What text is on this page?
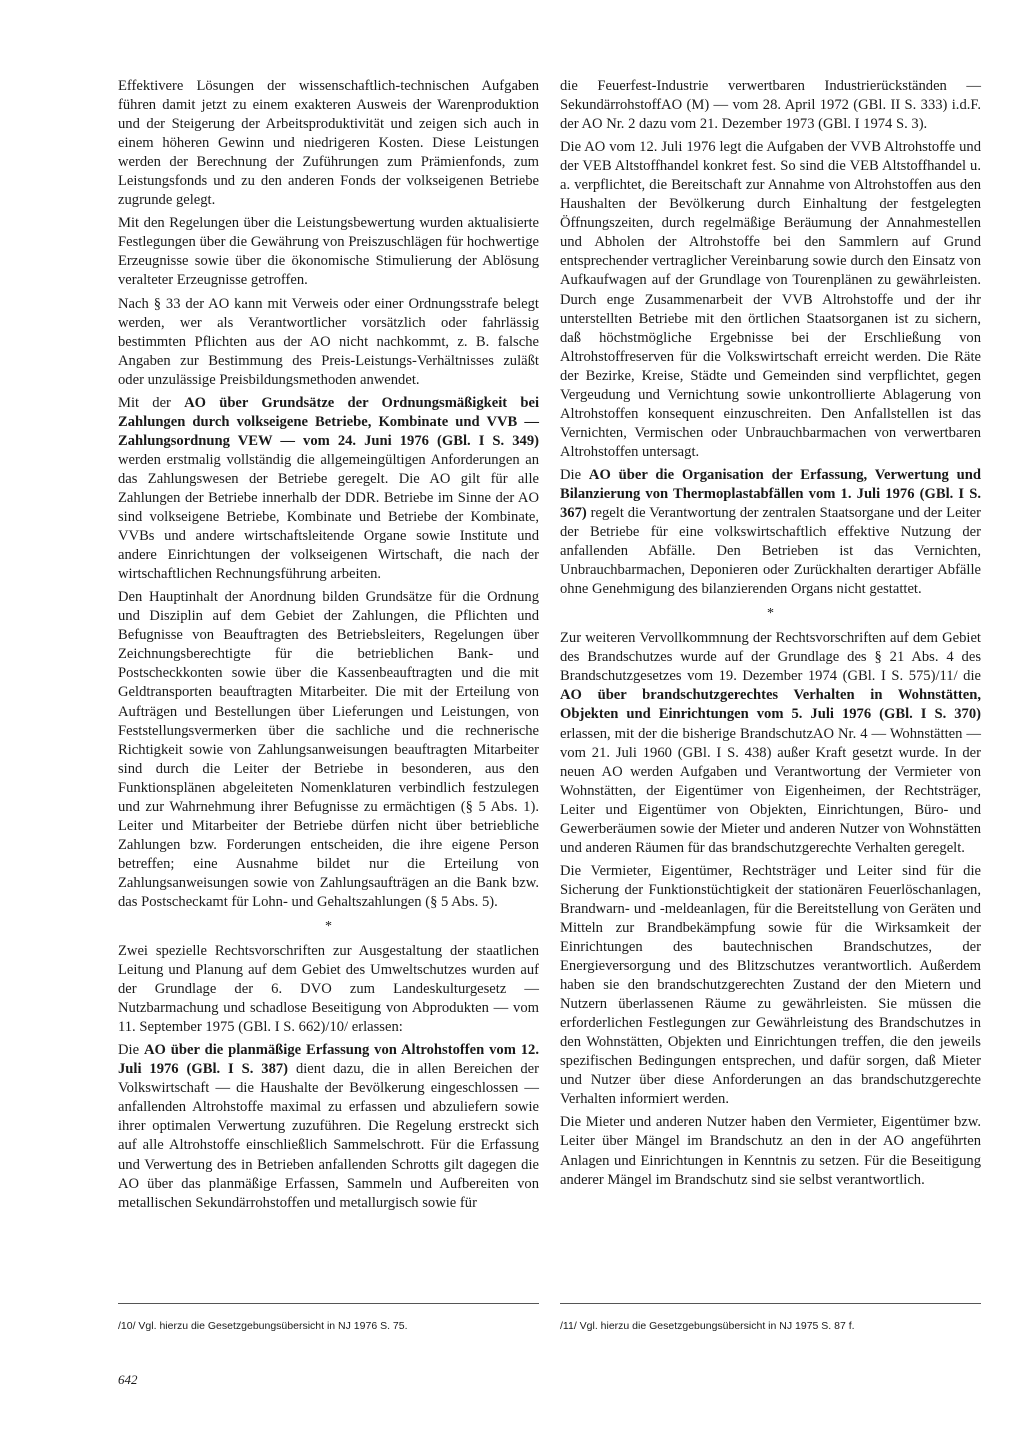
Effektivere Lösungen der wissenschaftlich-technischen Aufgaben führen damit jetzt zu einem exakteren Ausweis der Warenproduktion und der Steigerung der Arbeitsproduktivität und zeigen sich auch in einem höheren Gewinn und niedrigeren Kosten. Diese Leistungen werden der Berechnung der Zuführungen zum Prämienfonds, zum Leistungsfonds und zu den anderen Fonds der volkseigenen Betriebe zugrunde gelegt.

Mit den Regelungen über die Leistungsbewertung wurden aktualisierte Festlegungen über die Gewährung von Preiszuschlägen für hochwertige Erzeugnisse sowie über die ökonomische Stimulierung der Ablösung veralteter Erzeugnisse getroffen.

Nach § 33 der AO kann mit Verweis oder einer Ordnungsstrafe belegt werden, wer als Verantwortlicher vorsätzlich oder fahrlässig bestimmten Pflichten aus der AO nicht nachkommt, z. B. falsche Angaben zur Bestimmung des Preis-Leistungs-Verhältnisses zuläßt oder unzulässige Preisbildungsmethoden anwendet.

Mit der AO über Grundsätze der Ordnungsmäßigkeit bei Zahlungen durch volkseigene Betriebe, Kombinate und VVB — Zahlungsordnung VEW — vom 24. Juni 1976 (GBl. I S. 349) werden erstmalig vollständig die allgemeingültigen Anforderungen an das Zahlungswesen der Betriebe geregelt. Die AO gilt für alle Zahlungen der Betriebe innerhalb der DDR. Betriebe im Sinne der AO sind volkseigene Betriebe, Kombinate und Betriebe der Kombinate, VVBs und andere wirtschaftsleitende Organe sowie Institute und andere Einrichtungen der volkseigenen Wirtschaft, die nach der wirtschaftlichen Rechnungsführung arbeiten.

Den Hauptinhalt der Anordnung bilden Grundsätze für die Ordnung und Disziplin auf dem Gebiet der Zahlungen, die Pflichten und Befugnisse von Beauftragten des Betriebsleiters, Regelungen über Zeichnungsberechtigte für die betrieblichen Bank- und Postscheckkonten sowie über die Kassenbeauftragten und die mit Geldtransporten beauftragten Mitarbeiter. Die mit der Erteilung von Aufträgen und Bestellungen über Lieferungen und Leistungen, von Feststellungsvermerken über die sachliche und die rechnerische Richtigkeit sowie von Zahlungsanweisungen beauftragten Mitarbeiter sind durch die Leiter der Betriebe in besonderen, aus den Funktionsplänen abgeleiteten Nomenklaturen verbindlich festzulegen und zur Wahrnehmung ihrer Befugnisse zu ermächtigen (§ 5 Abs. 1). Leiter und Mitarbeiter der Betriebe dürfen nicht über betriebliche Zahlungen bzw. Forderungen entscheiden, die ihre eigene Person betreffen; eine Ausnahme bildet nur die Erteilung von Zahlungsanweisungen sowie von Zahlungsaufträgen an die Bank bzw. das Postscheckamt für Lohn- und Gehaltszahlungen (§ 5 Abs. 5).

*

Zwei spezielle Rechtsvorschriften zur Ausgestaltung der staatlichen Leitung und Planung auf dem Gebiet des Umweltschutzes wurden auf der Grundlage der 6. DVO zum Landeskulturgesetz — Nutzbarmachung und schadlose Beseitigung von Abprodukten — vom 11. September 1975 (GBl. I S. 662)/10/ erlassen:

Die AO über die planmäßige Erfassung von Altrohstoffen vom 12. Juli 1976 (GBl. I S. 387) dient dazu, die in allen Bereichen der Volkswirtschaft — die Haushalte der Bevölkerung eingeschlossen — anfallenden Altrohstoffe maximal zu erfassen und abzuliefern sowie ihrer optimalen Verwertung zuzuführen. Die Regelung erstreckt sich auf alle Altrohstoffe einschließlich Sammelschrott. Für die Erfassung und Verwertung des in Betrieben anfallenden Schrotts gilt dagegen die AO über das planmäßige Erfassen, Sammeln und Aufbereiten von metallischen Sekundärrohstoffen und metallurgisch sowie für

die Feuerfest-Industrie verwertbaren Industrierückständen — SekundärrohstoffAO (M) — vom 28. April 1972 (GBl. II S. 333) i.d.F. der AO Nr. 2 dazu vom 21. Dezember 1973 (GBl. I 1974 S. 3).

Die AO vom 12. Juli 1976 legt die Aufgaben der VVB Altrohstoffe und der VEB Altstoffhandel konkret fest. So sind die VEB Altstoffhandel u. a. verpflichtet, die Bereitschaft zur Annahme von Altrohstoffen aus den Haushalten der Bevölkerung durch Einhaltung der festgelegten Öffnungszeiten, durch regelmäßige Beräumung der Annahmestellen und Abholen der Altrohstoffe bei den Sammlern auf Grund entsprechender vertraglicher Vereinbarung sowie durch den Einsatz von Aufkaufwagen auf der Grundlage von Tourenplänen zu gewährleisten. Durch enge Zusammenarbeit der VVB Altrohstoffe und der ihr unterstellten Betriebe mit den örtlichen Staatsorganen ist zu sichern, daß höchstmögliche Ergebnisse bei der Erschließung von Altrohstoffreserven für die Volkswirtschaft erreicht werden. Die Räte der Bezirke, Kreise, Städte und Gemeinden sind verpflichtet, gegen Vergeudung und Vernichtung sowie unkontrollierte Ablagerung von Altrohstoffen konsequent einzuschreiten. Den Anfallstellen ist das Vernichten, Vermischen oder Unbrauchbarmachen von verwertbaren Altrohstoffen untersagt.

Die AO über die Organisation der Erfassung, Verwertung und Bilanzierung von Thermoplastabfällen vom 1. Juli 1976 (GBl. I S. 367) regelt die Verantwortung der zentralen Staatsorgane und der Leiter der Betriebe für eine volkswirtschaftlich effektive Nutzung der anfallenden Abfälle. Den Betrieben ist das Vernichten, Unbrauchbarmachen, Deponieren oder Zurückhalten derartiger Abfälle ohne Genehmigung des bilanzierenden Organs nicht gestattet.

*

Zur weiteren Vervollkommnung der Rechtsvorschriften auf dem Gebiet des Brandschutzes wurde auf der Grundlage des § 21 Abs. 4 des Brandschutzgesetzes vom 19. Dezember 1974 (GBl. I S. 575)/11/ die AO über brandschutzgerechtes Verhalten in Wohnstätten, Objekten und Einrichtungen vom 5. Juli 1976 (GBl. I S. 370) erlassen, mit der die bisherige BrandschutzAO Nr. 4 — Wohnstätten — vom 21. Juli 1960 (GBl. I S. 438) außer Kraft gesetzt wurde. In der neuen AO werden Aufgaben und Verantwortung der Vermieter von Wohnstätten, der Eigentümer von Eigenheimen, der Rechtsträger, Leiter und Eigentümer von Objekten, Einrichtungen, Büro- und Gewerberäumen sowie der Mieter und anderen Nutzer von Wohnstätten und anderen Räumen für das brandschutzgerechte Verhalten geregelt.

Die Vermieter, Eigentümer, Rechtsträger und Leiter sind für die Sicherung der Funktionstüchtigkeit der stationären Feuerlöschanlagen, Brandwarn- und -meldeanlagen, für die Bereitstellung von Geräten und Mitteln zur Brandbekämpfung sowie für die Wirksamkeit der Einrichtungen des bautechnischen Brandschutzes, der Energieversorgung und des Blitzschutzes verantwortlich. Außerdem haben sie den brandschutzgerechten Zustand der den Mietern und Nutzern überlassenen Räume zu gewährleisten. Sie müssen die erforderlichen Festlegungen zur Gewährleistung des Brandschutzes in den Wohnstätten, Objekten und Einrichtungen treffen, die den jeweils spezifischen Bedingungen entsprechen, und dafür sorgen, daß Mieter und Nutzer über diese Anforderungen an das brandschutzgerechte Verhalten informiert werden.

Die Mieter und anderen Nutzer haben den Vermieter, Eigentümer bzw. Leiter über Mängel im Brandschutz an den in der AO angeführten Anlagen und Einrichtungen in Kenntnis zu setzen. Für die Beseitigung anderer Mängel im Brandschutz sind sie selbst verantwortlich.

/10/ Vgl. hierzu die Gesetzgebungsübersicht in NJ 1976 S. 75.	/11/ Vgl. hierzu die Gesetzgebungsübersicht in NJ 1975 S. 87 f.
642
